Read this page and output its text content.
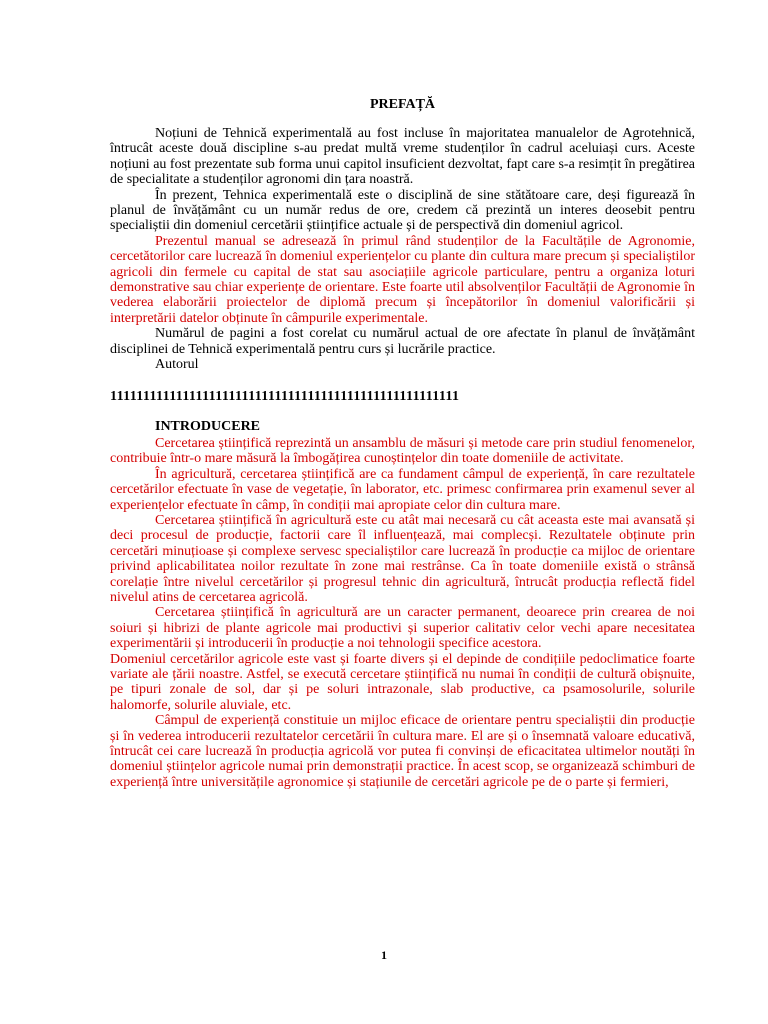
PREFAȚĂ

Noțiuni de Tehnică experimentală au fost incluse în majoritatea manualelor de Agrotehnică, întrucât aceste două discipline s-au predat multă vreme studenților în cadrul aceluiași curs. Aceste noțiuni au fost prezentate sub forma unui capitol insuficient dezvoltat, fapt care s-a resimțit în pregătirea de specialitate a studenților agronomi din țara noastră.

În prezent, Tehnica experimentală este o disciplină de sine stătătoare care, deși figurează în planul de învățământ cu un număr redus de ore, credem că prezintă un interes deosebit pentru specialiștii din domeniul cercetării științifice actuale și de perspectivă din domeniul agricol.

Prezentul manual se adresează în primul rând studenților de la Facultățile de Agronomie, cercetătorilor care lucrează în domeniul experiențelor cu plante din cultura mare precum și specialiștilor agricoli din fermele cu capital de stat sau asociațiile agricole particulare, pentru a organiza loturi demonstrative sau chiar experiențe de orientare. Este foarte util absolvenților Facultății de Agronomie în vederea elaborării proiectelor de diplomă precum și începătorilor în domeniul valorificării și interpretării datelor obținute în câmpurile experimentale.

Numărul de pagini a fost corelat cu numărul actual de ore afectate în planul de învățământ disciplinei de Tehnică experimentală pentru curs și lucrările practice.

Autorul

11111111111111111111111111111111111111111111111111111
INTRODUCERE

Cercetarea științifică reprezintă un ansamblu de măsuri și metode care prin studiul fenomenelor, contribuie într-o mare măsură la îmbogățirea cunoștințelor din toate domeniile de activitate.

În agricultură, cercetarea științifică are ca fundament câmpul de experiență, în care rezultatele cercetărilor efectuate în vase de vegetație, în laborator, etc. primesc confirmarea prin examenul sever al experiențelor efectuate în câmp, în condiții mai apropiate celor din cultura mare.

Cercetarea științifică în agricultură este cu atât mai necesară cu cât aceasta este mai avansată și deci procesul de producție, factorii care îl influențează, mai complecși. Rezultatele obținute prin cercetări minuțioase și complexe servesc specialiștilor care lucrează în producție ca mijloc de orientare privind aplicabilitatea noilor rezultate în zone mai restrânse. Ca în toate domeniile există o strânsă corelație între nivelul cercetărilor și progresul tehnic din agricultură, întrucât producția reflectă fidel nivelul atins de cercetarea agricolă.

Cercetarea științifică în agricultură are un caracter permanent, deoarece prin crearea de noi soiuri și hibrizi de plante agricole mai productivi și superior calitativ celor vechi apare necesitatea experimentării și introducerii în producție a noi tehnologii specifice acestora.

Domeniul cercetărilor agricole este vast și foarte divers și el depinde de condițiile pedoclimatice foarte variate ale țării noastre. Astfel, se execută cercetare științifică nu numai în condiții de cultură obișnuite, pe tipuri zonale de sol, dar și pe soluri intrazonale, slab productive, ca psamosolurile, solurile halomorfe, solurile aluviale, etc.

Câmpul de experiență constituie un mijloc eficace de orientare pentru specialiștii din producție și în vederea introducerii rezultatelor cercetării în cultura mare. El are și o însemnată valoare educativă, întrucât cei care lucrează în producția agricolă vor putea fi convinși de eficacitatea ultimelor noutăți în domeniul științelor agricole numai prin demonstrații practice. În acest scop, se organizează schimburi de experiență între universitățile agronomice și stațiunile de cercetări agricole pe de o parte și fermieri,

1
